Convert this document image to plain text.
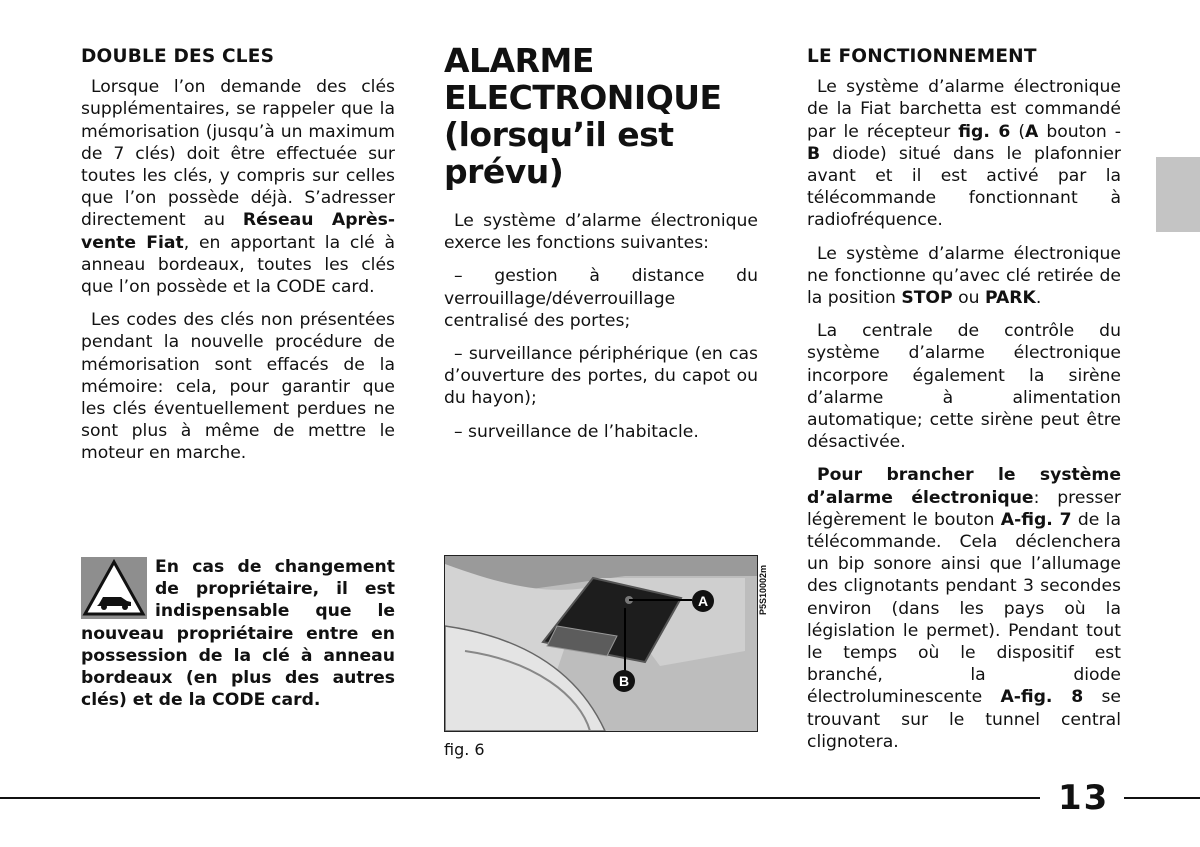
DOUBLE DES CLES

Lorsque l’on demande des clés supplémentaires, se rappeler que la mémorisation (jusqu’à un maximum de 7 clés) doit être effectuée sur toutes les clés, y compris sur celles que l’on possède déjà. S’adresser directement au Réseau Après-vente Fiat, en apportant la clé à anneau bordeaux, toutes les clés que l’on possède et la CODE card.

Les codes des clés non présentées pendant la nouvelle procédure de mémorisation sont effacés de la mémoire: cela, pour garantir que les clés éventuellement perdues ne sont plus à même de mettre le moteur en marche.

En cas de changement de propriétaire, il est indispensable que le nouveau propriétaire entre en possession de la clé à anneau bordeaux (en plus des autres clés) et de la CODE card.
ALARME
ELECTRONIQUE
(lorsqu’il est
prévu)

Le système d’alarme électronique exerce les fonctions suivantes:

– gestion à distance du verrouillage/déverrouillage centralisé des portes;

– surveillance périphérique (en cas d’ouverture des portes, du capot ou du hayon);

– surveillance de l’habitacle.

A
B
P5S10002m
fig. 6
LE FONCTIONNEMENT

Le système d’alarme électronique de la Fiat barchetta est commandé par le récepteur fig. 6 (A bouton - B diode) situé dans le plafonnier avant et il est activé par la télécommande fonctionnant à radiofréquence.

Le système d’alarme électronique ne fonctionne qu’avec clé retirée de la position STOP ou PARK.

La centrale de contrôle du système d’alarme électronique incorpore également la sirène d’alarme à alimentation automatique; cette sirène peut être désactivée.

Pour brancher le système d’alarme électronique: presser légèrement le bouton A-fig. 7 de la télécommande. Cela déclenchera un bip sonore ainsi que l’allumage des clignotants pendant 3 secondes environ (dans les pays où la législation le permet). Pendant tout le temps où le dispositif est branché, la diode électroluminescente A-fig. 8 se trouvant sur le tunnel central clignotera.

13
